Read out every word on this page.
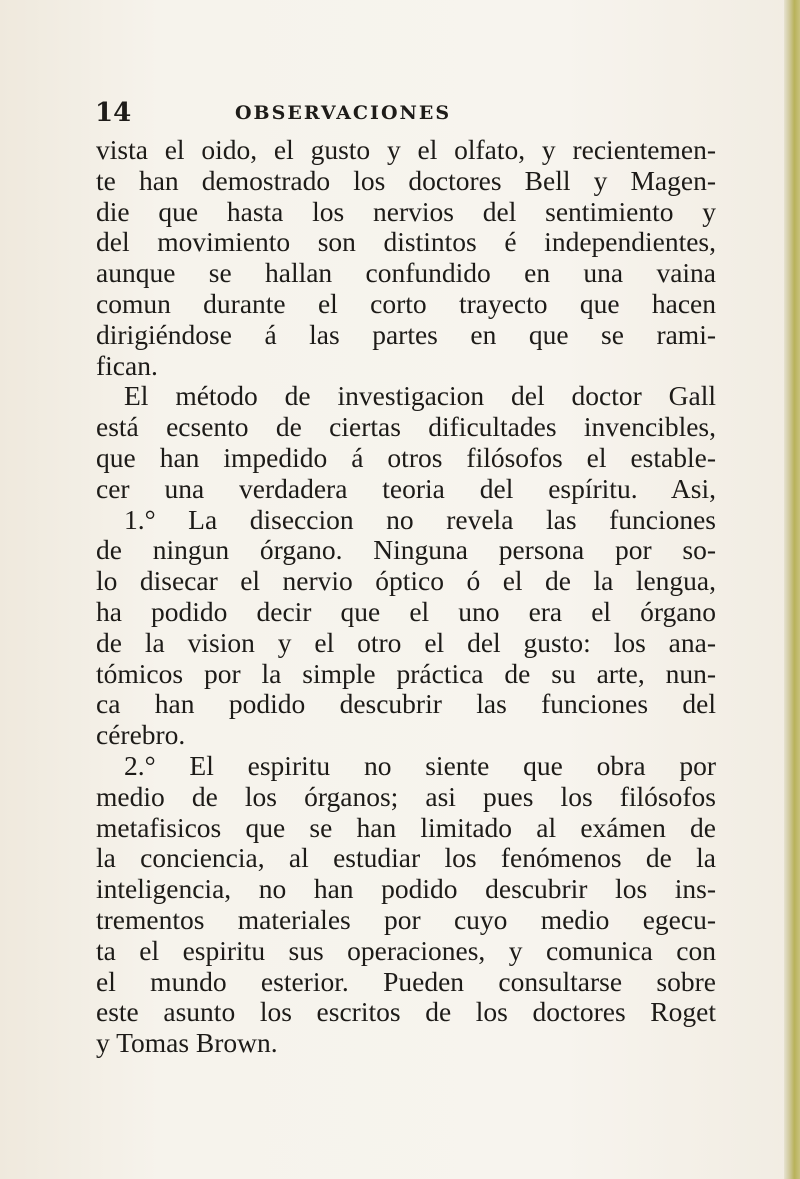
14	OBSERVACIONES
vista el oido, el gusto y el olfato, y recientemen-
te han demostrado los doctores Bell y Magen-
die que hasta los nervios del sentimiento y
del movimiento son distintos é independientes,
aunque se hallan confundido en una vaina
comun durante el corto trayecto que hacen
dirigiéndose á las partes en que se rami-
fican.
El método de investigacion del doctor Gall
está ecsento de ciertas dificultades invencibles,
que han impedido á otros filósofos el estable-
cer una verdadera teoria del espíritu. Asi,
1.° La diseccion no revela las funciones
de ningun órgano. Ninguna persona por so-
lo disecar el nervio óptico ó el de la lengua,
ha podido decir que el uno era el órgano
de la vision y el otro el del gusto: los ana-
tómicos por la simple práctica de su arte, nun-
ca han podido descubrir las funciones del
cérebro.
2.° El espiritu no siente que obra por
medio de los órganos; asi pues los filósofos
metafisicos que se han limitado al exámen de
la conciencia, al estudiar los fenómenos de la
inteligencia, no han podido descubrir los ins-
trementos materiales por cuyo medio egecu-
ta el espiritu sus operaciones, y comunica con
el mundo esterior. Pueden consultarse sobre
este asunto los escritos de los doctores Roget
y Tomas Brown.
